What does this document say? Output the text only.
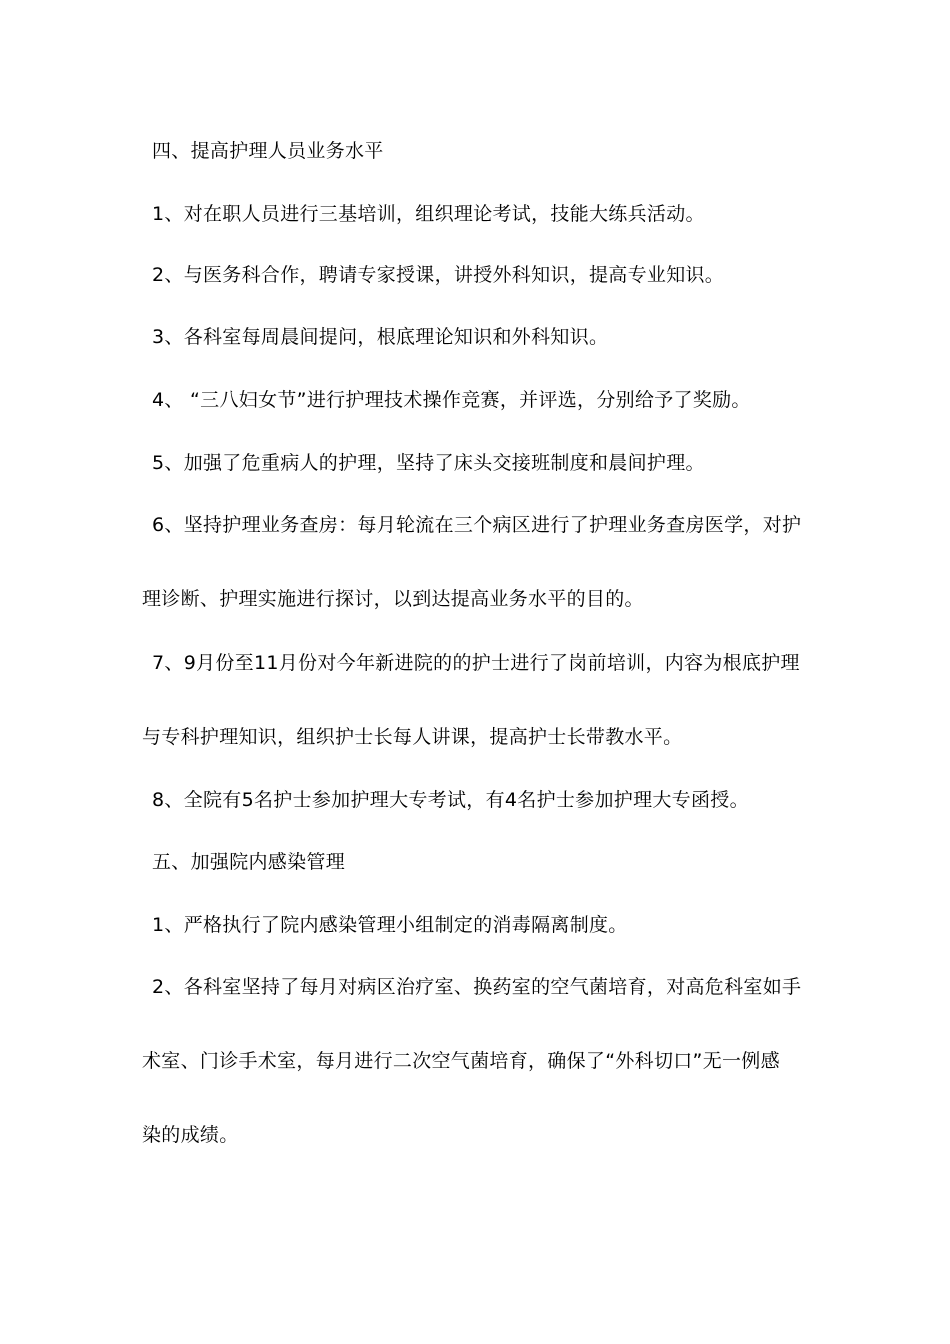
四、提高护理人员业务水平
1、对在职人员进行三基培训，组织理论考试，技能大练兵活动。
2、与医务科合作，聘请专家授课，讲授外科知识，提高专业知识。
3、各科室每周晨间提问，根底理论知识和外科知识。
4、 “三八妇女节”进行护理技术操作竞赛，并评选，分别给予了奖励。
5、加强了危重病人的护理，坚持了床头交接班制度和晨间护理。
6、坚持护理业务查房：每月轮流在三个病区进行了护理业务查房医学，对护
理诊断、护理实施进行探讨，以到达提高业务水平的目的。
7、9月份至11月份对今年新进院的的护士进行了岗前培训，内容为根底护理
与专科护理知识，组织护士长每人讲课，提高护士长带教水平。
8、全院有5名护士参加护理大专考试，有4名护士参加护理大专函授。
五、加强院内感染管理
1、严格执行了院内感染管理小组制定的消毒隔离制度。
2、各科室坚持了每月对病区治疗室、换药室的空气菌培育，对高危科室如手
术室、门诊手术室，每月进行二次空气菌培育，确保了“外科切口”无一例感
染的成绩。
